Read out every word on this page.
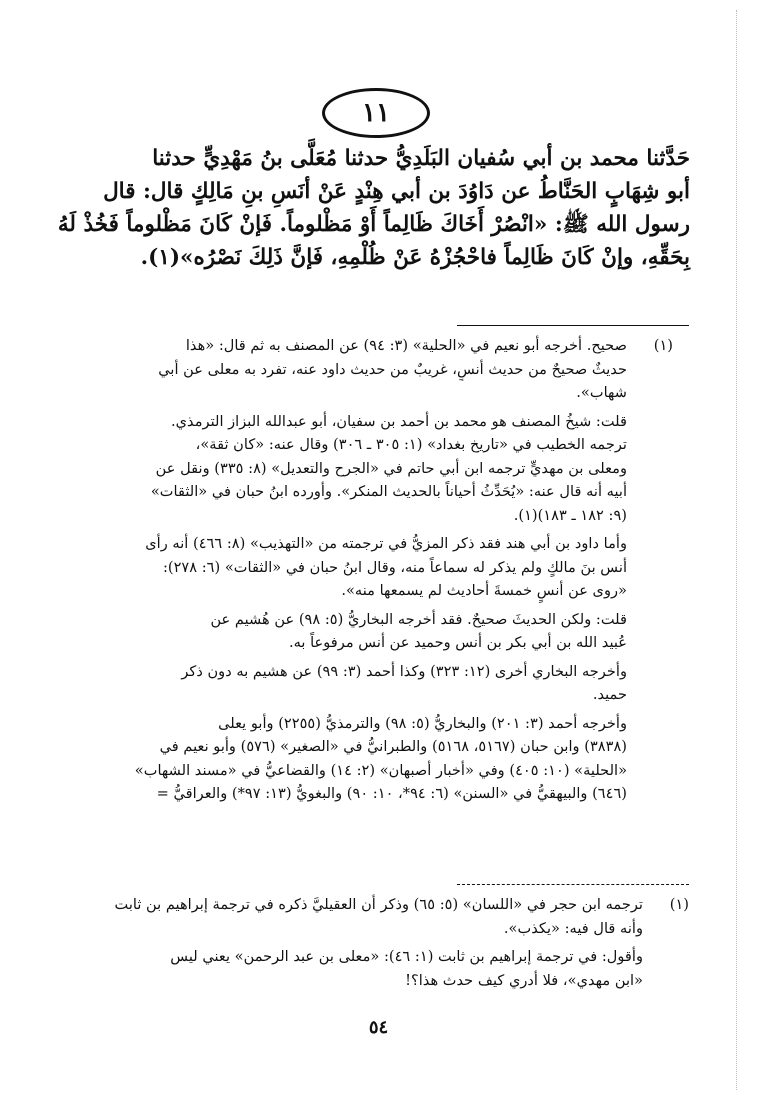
١١

حَدَّثنا محمد بن أبي سُفيان البَلَدِيُّ حدثنا مُعَلَّى بنُ مَهْدِيٍّ حدثنا

أبو شِهَابٍ الحَنَّاطُ عن دَاوُدَ بن أبي هِنْدٍ عَنْ أنَسِ بنِ مَالِكٍ قال: قال

رسول الله ﷺ: «انْصُرْ أَخَاكَ ظَالِماً أَوْ مَظْلوماً. فَإنْ كَانَ مَظْلوماً فَخُذْ لَهُ

بِحَقِّهِ، وإنْ كَانَ ظَالِماً فاحْجُزْهُ عَنْ ظُلْمِهِ، فَإنَّ ذَلِكَ نَصْرُه»(١).

(١)

صحيح. أخرجه أبو نعيم في «الحلية» (٣: ٩٤) عن المصنف به ثم قال: «هذا
حديثٌ صحيحٌ من حديث أنسٍ، غريبٌ من حديث داود عنه، تفرد به معلى عن أبي
شهاب».

قلت: شيخُ المصنف هو محمد بن أحمد بن سفيان، أبو عبدالله البزاز الترمذي.
ترجمه الخطيب في «تاريخ بغداد» (١: ٣٠٥ ـ ٣٠٦) وقال عنه: «كان ثقة»،
ومعلى بن مهديٍّ ترجمه ابن أبي حاتم في «الجرح والتعديل» (٨: ٣٣٥) ونقل عن
أبيه أنه قال عنه: «يُحَدِّثُ أحياناً بالحديث المنكر». وأورده ابنُ حبان في «الثقات»
(٩: ١٨٢ ـ ١٨٣)(١).

وأما داود بن أبي هند فقد ذكر المزيُّ في ترجمته من «التهذيب» (٨: ٤٦٦) أنه رأى
أنس بنَ مالكٍ ولم يذكر له سماعاً منه، وقال ابنُ حبان في «الثقات» (٦: ٢٧٨):
«روى عن أنسٍ خمسةَ أحاديث لم يسمعها منه».

قلت: ولكن الحديثَ صحيحٌ. فقد أخرجه البخاريُّ (٥: ٩٨) عن هُشيم عن
عُبيد الله بن أبي بكر بن أنس وحميد عن أنس مرفوعاً به.

وأخرجه البخاري أخرى (١٢: ٣٢٣) وكذا أحمد (٣: ٩٩) عن هشيم به دون ذكر
حميد.

وأخرجه أحمد (٣: ٢٠١) والبخاريُّ (٥: ٩٨) والترمذيُّ (٢٢٥٥) وأبو يعلى
(٣٨٣٨) وابن حبان (٥١٦٧، ٥١٦٨) والطبرانيُّ في «الصغير» (٥٧٦) وأبو نعيم في
«الحلية» (١٠: ٤٠٥) وفي «أخبار أصبهان» (٢: ١٤) والقضاعيُّ في «مسند الشهاب»
(٦٤٦) والبيهقيُّ في «السنن» (٦: ٩٤*، ١٠: ٩٠) والبغويُّ (١٣: ٩٧*) والعراقيُّ =

(١)

ترجمه ابن حجر في «اللسان» (٥: ٦٥) وذكر أن العقيليَّ ذكره في ترجمة إبراهيم بن ثابت
وأنه قال فيه: «يكذب».

وأقول: في ترجمة إبراهيم بن ثابت (١: ٤٦): «معلى بن عبد الرحمن» يعني ليس
«ابن مهدي»، فلا أدري كيف حدث هذا؟!

٥٤
